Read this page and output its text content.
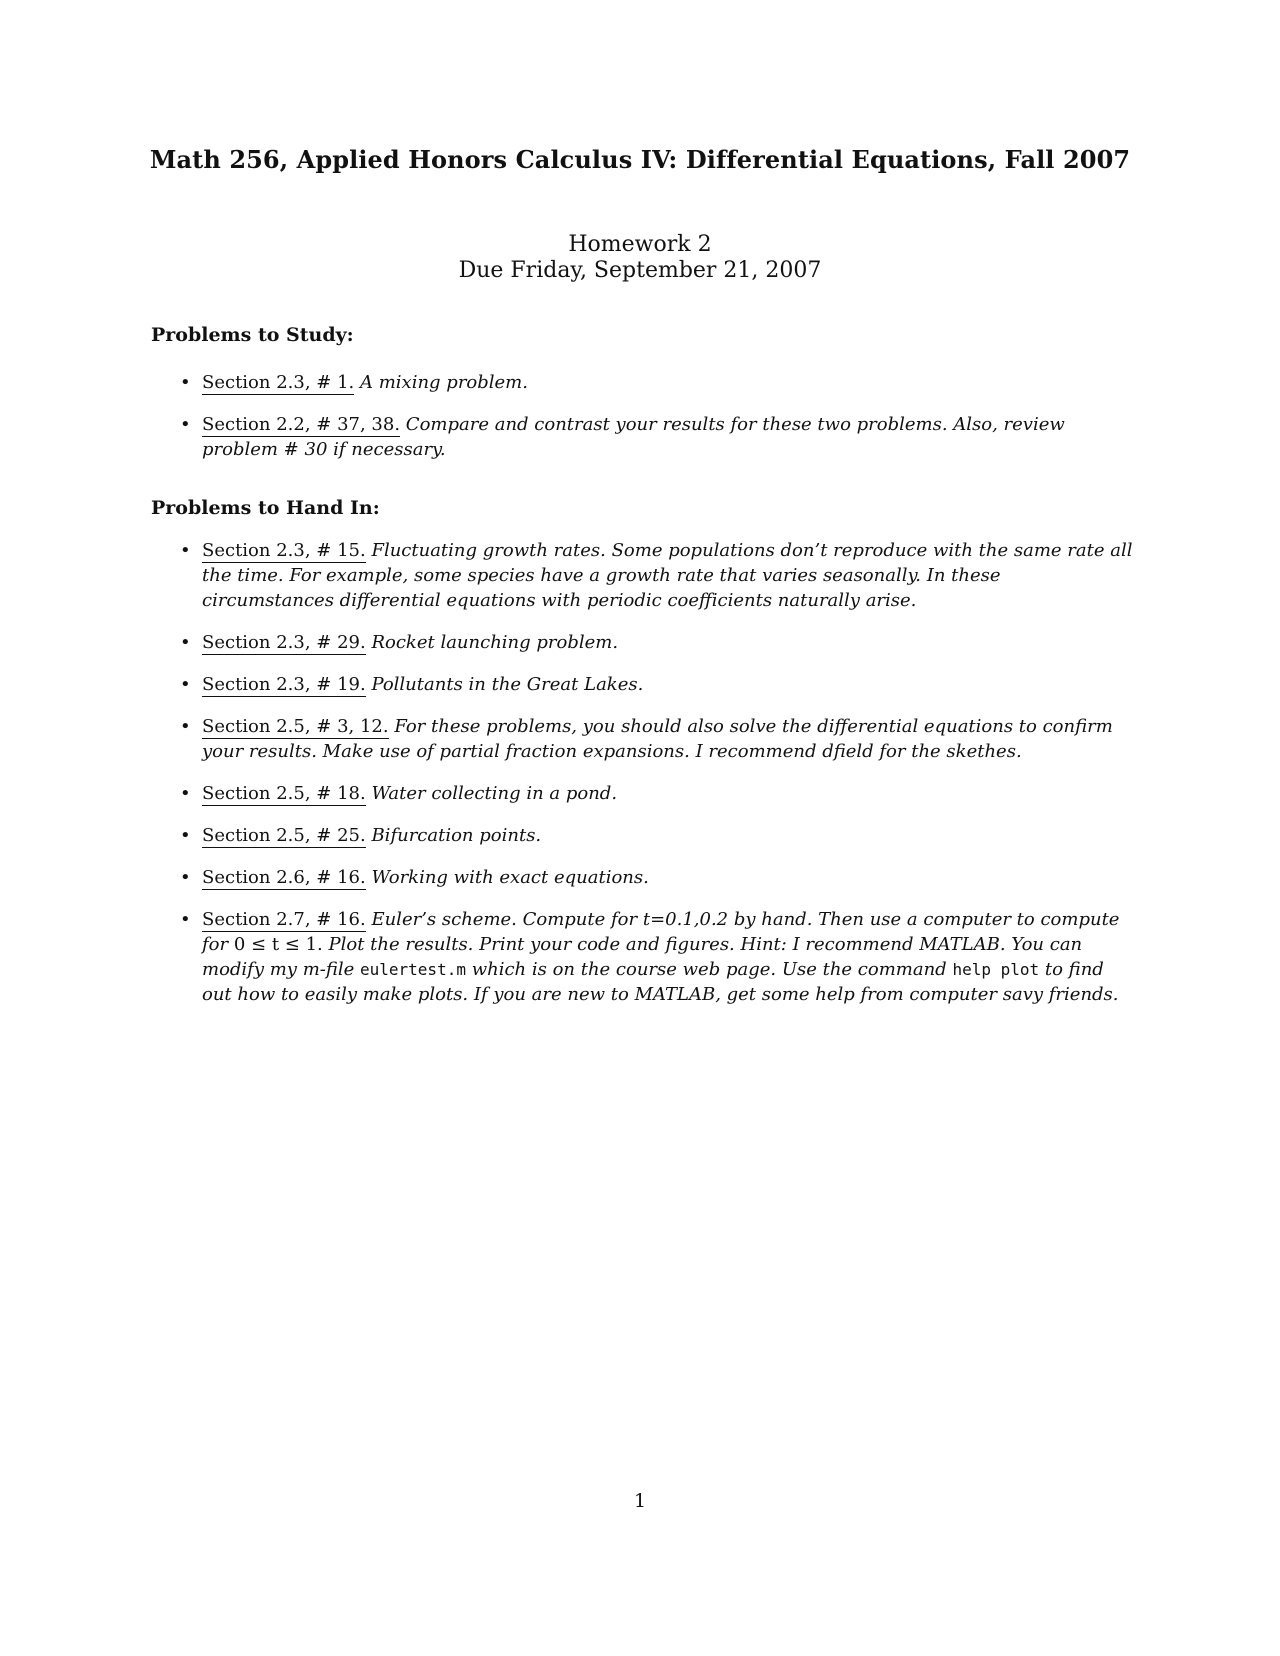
Math 256, Applied Honors Calculus IV: Differential Equations, Fall 2007
Homework 2
Due Friday, September 21, 2007
Problems to Study:
• Section 2.3, # 1. A mixing problem.
• Section 2.2, # 37, 38. Compare and contrast your results for these two problems. Also, review problem # 30 if necessary.
Problems to Hand In:
• Section 2.3, # 15. Fluctuating growth rates. Some populations don’t reproduce with the same rate all the time. For example, some species have a growth rate that varies seasonally. In these circumstances differential equations with periodic coefficients naturally arise.
• Section 2.3, # 29. Rocket launching problem.
• Section 2.3, # 19. Pollutants in the Great Lakes.
• Section 2.5, # 3, 12. For these problems, you should also solve the differential equations to confirm your results. Make use of partial fraction expansions. I recommend dfield for the skethes.
• Section 2.5, # 18. Water collecting in a pond.
• Section 2.5, # 25. Bifurcation points.
• Section 2.6, # 16. Working with exact equations.
• Section 2.7, # 16. Euler’s scheme. Compute for t=0.1,0.2 by hand. Then use a computer to compute for 0 ≤ t ≤ 1. Plot the results. Print your code and figures. Hint: I recommend MATLAB. You can modify my m-file eulertest.m which is on the course web page. Use the command help plot to find out how to easily make plots. If you are new to MATLAB, get some help from computer savy friends.
1
